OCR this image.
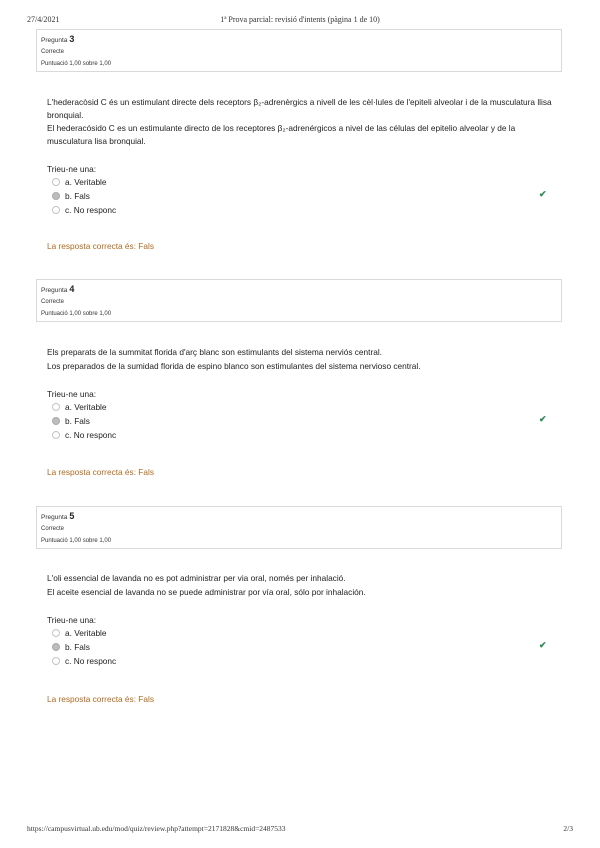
27/4/2021	1ª Prova parcial: revisió d'intents (pàgina 1 de 10)
Pregunta 3
Correcte
Puntuació 1,00 sobre 1,00

L'hederacòsid C és un estimulant directe dels receptors β₂-adrenèrgics a nivell de les cèl·lules de l'epiteli alveolar i de la musculatura llisa bronquial.

El hederacósido C es un estimulante directo de los receptores β₂-adrenérgicos a nivel de las células del epitelio alveolar y de la musculatura lisa bronquial.

Trieu-ne una:
a. Veritable
b. Fals
c. No responc
✔
La resposta correcta és: Fals
Pregunta 4
Correcte
Puntuació 1,00 sobre 1,00

Els preparats de la summitat florida d'arç blanc son estimulants del sistema nerviós central.

Los preparados de la sumidad florida de espino blanco son estimulantes del sistema nervioso central.

Trieu-ne una:
a. Veritable
b. Fals
c. No responc
✔
La resposta correcta és: Fals
Pregunta 5
Correcte
Puntuació 1,00 sobre 1,00

L'oli essencial de lavanda no es pot administrar per via oral, només per inhalació.

El aceite esencial de lavanda no se puede administrar por vía oral, sólo por inhalación.

Trieu-ne una:
a. Veritable
b. Fals
c. No responc
✔
La resposta correcta és: Fals
https://campusvirtual.ub.edu/mod/quiz/review.php?attempt=2171828&cmid=2487533	2/3
